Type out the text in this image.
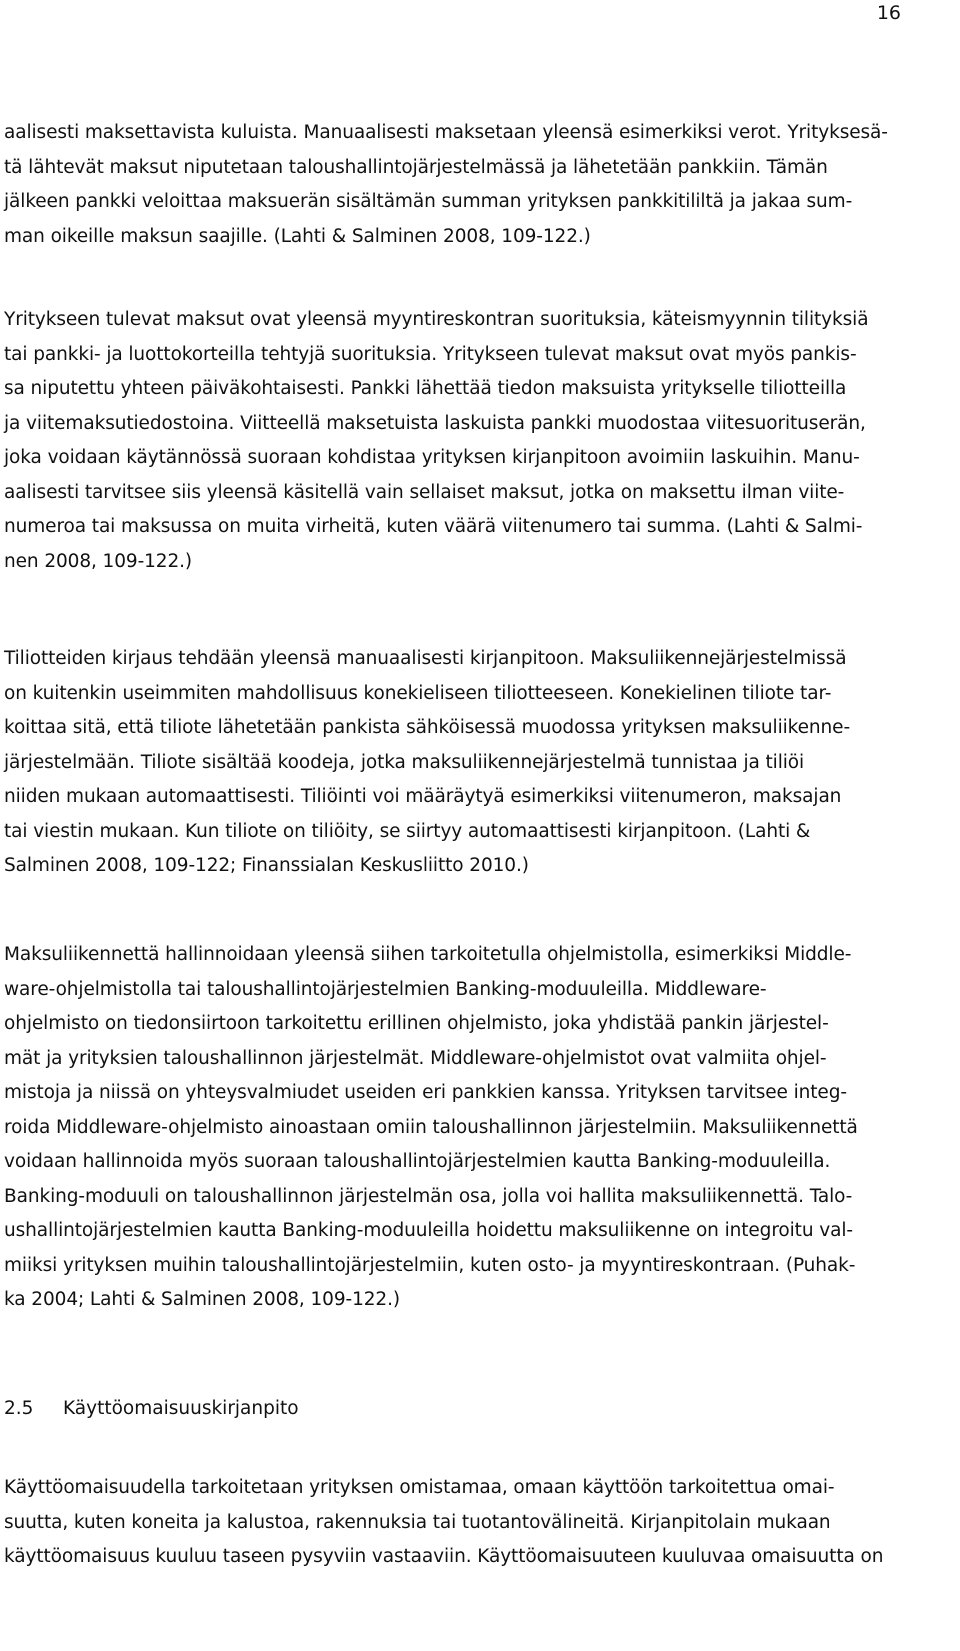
16
aalisesti maksettavista kuluista. Manuaalisesti maksetaan yleensä esimerkiksi verot. Yrityksesä-
tä lähtevät maksut niputetaan taloushallintojärjestelmässä ja lähetetään pankkiin. Tämän
jälkeen pankki veloittaa maksuerän sisältämän summan yrityksen pankkitililtä ja jakaa sum-
man oikeille maksun saajille. (Lahti & Salminen 2008, 109-122.)
Yritykseen tulevat maksut ovat yleensä myyntireskontran suorituksia, käteismyynnin tilityksiä
tai pankki- ja luottokorteilla tehtyjä suorituksia. Yritykseen tulevat maksut ovat myös pankis-
sa niputettu yhteen päiväkohtaisesti. Pankki lähettää tiedon maksuista yritykselle tiliotteilla
ja viitemaksutiedostoina. Viitteellä maksetuista laskuista pankki muodostaa viitesuorituserän,
joka voidaan käytännössä suoraan kohdistaa yrityksen kirjanpitoon avoimiin laskuihin. Manu-
aalisesti tarvitsee siis yleensä käsitellä vain sellaiset maksut, jotka on maksettu ilman viite-
numeroa tai maksussa on muita virheitä, kuten väärä viitenumero tai summa. (Lahti & Salmi-
nen 2008, 109-122.)
Tiliotteiden kirjaus tehdään yleensä manuaalisesti kirjanpitoon. Maksuliikennejärjestelmissä
on kuitenkin useimmiten mahdollisuus konekieliseen tiliotteeseen. Konekielinen tiliote tar-
koittaa sitä, että tiliote lähetetään pankista sähköisessä muodossa yrityksen maksuliikenne-
järjestelmään. Tiliote sisältää koodeja, jotka maksuliikennejärjestelmä tunnistaa ja tiliöi
niiden mukaan automaattisesti. Tiliöinti voi määräytyä esimerkiksi viitenumeron, maksajan
tai viestin mukaan. Kun tiliote on tiliöity, se siirtyy automaattisesti kirjanpitoon. (Lahti &
Salminen 2008, 109-122; Finanssialan Keskusliitto 2010.)
Maksuliikennettä hallinnoidaan yleensä siihen tarkoitetulla ohjelmistolla, esimerkiksi Middle-
ware-ohjelmistolla tai taloushallintojärjestelmien Banking-moduuleilla. Middleware-
ohjelmisto on tiedonsiirtoon tarkoitettu erillinen ohjelmisto, joka yhdistää pankin järjestel-
mät ja yrityksien taloushallinnon järjestelmät. Middleware-ohjelmistot ovat valmiita ohjel-
mistoja ja niissä on yhteysvalmiudet useiden eri pankkien kanssa. Yrityksen tarvitsee integ-
roida Middleware-ohjelmisto ainoastaan omiin taloushallinnon järjestelmiin. Maksuliikennettä
voidaan hallinnoida myös suoraan taloushallintojärjestelmien kautta Banking-moduuleilla.
Banking-moduuli on taloushallinnon järjestelmän osa, jolla voi hallita maksuliikennettä. Talo-
ushallintojärjestelmien kautta Banking-moduuleilla hoidettu maksuliikenne on integroitu val-
miiksi yrityksen muihin taloushallintojärjestelmiin, kuten osto- ja myyntireskontraan. (Puhak-
ka 2004; Lahti & Salminen 2008, 109-122.)
2.5 Käyttöomaisuuskirjanpito
Käyttöomaisuudella tarkoitetaan yrityksen omistamaa, omaan käyttöön tarkoitettua omai-
suutta, kuten koneita ja kalustoa, rakennuksia tai tuotantovälineitä. Kirjanpitolain mukaan
käyttöomaisuus kuuluu taseen pysyviin vastaaviin. Käyttöomaisuuteen kuuluvaa omaisuutta on
